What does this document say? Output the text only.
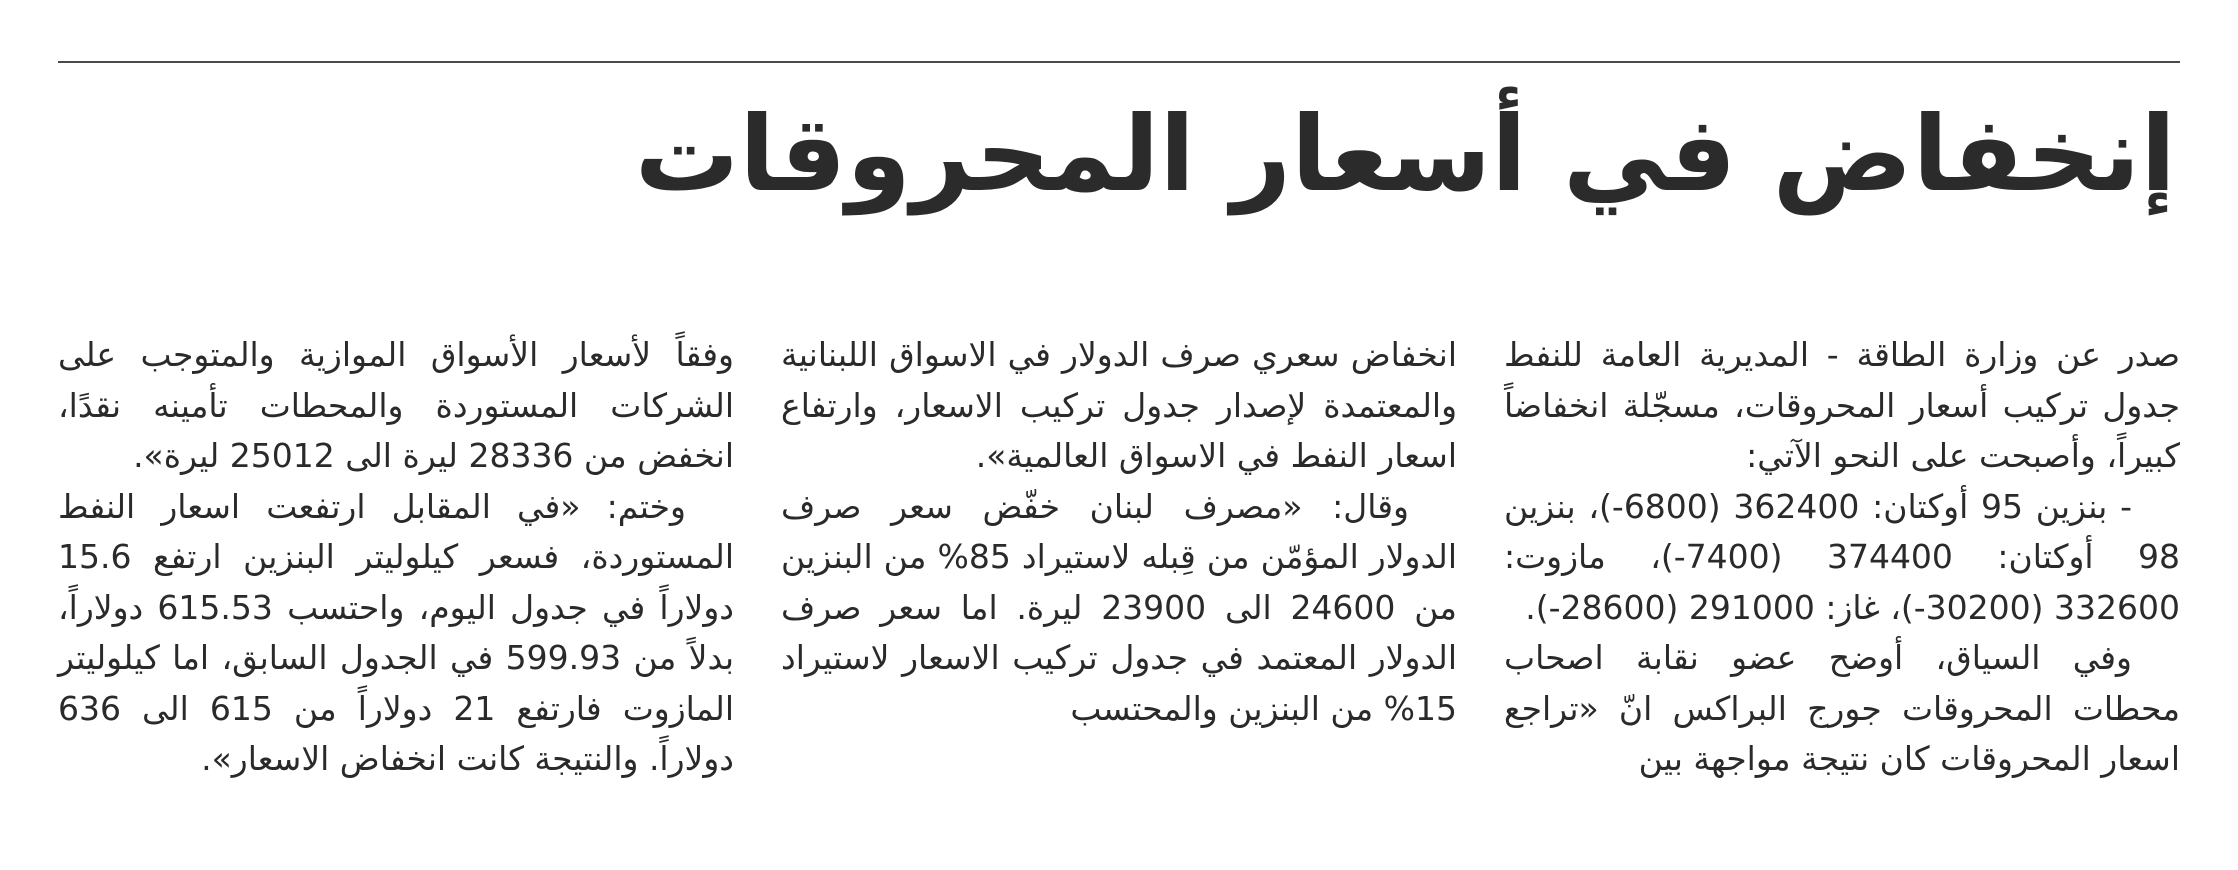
إنخفاض في أسعار المحروقات

صدر عن وزارة الطاقة - المديرية العامة للنفط جدول تركيب أسعار المحروقات، مسجّلة انخفاضاً كبيراً، وأصبحت على النحو الآتي:

- بنزين 95 أوكتان: 362400 (6800-)، بنزين 98 أوكتان: 374400 (7400-)، مازوت: 332600 (30200-)، غاز: 291000 (28600-).

وفي السياق، أوضح عضو نقابة اصحاب محطات المحروقات جورج البراكس انّ «تراجع اسعار المحروقات كان نتيجة مواجهة بين

انخفاض سعري صرف الدولار في الاسواق اللبنانية والمعتمدة لإصدار جدول تركيب الاسعار، وارتفاع اسعار النفط في الاسواق العالمية».

وقال: «مصرف لبنان خفّض سعر صرف الدولار المؤمّن من قِبله لاستيراد 85% من البنزين من 24600 الى 23900 ليرة. اما سعر صرف الدولار المعتمد في جدول تركيب الاسعار لاستيراد 15% من البنزين والمحتسب

وفقاً لأسعار الأسواق الموازية والمتوجب على الشركات المستوردة والمحطات تأمينه نقدًا، انخفض من 28336 ليرة الى 25012 ليرة».

وختم: «في المقابل ارتفعت اسعار النفط المستوردة، فسعر كيلوليتر البنزين ارتفع 15.6 دولاراً في جدول اليوم، واحتسب 615.53 دولاراً، بدلاً من 599.93 في الجدول السابق، اما كيلوليتر المازوت فارتفع 21 دولاراً من 615 الى 636 دولاراً. والنتيجة كانت انخفاض الاسعار».
